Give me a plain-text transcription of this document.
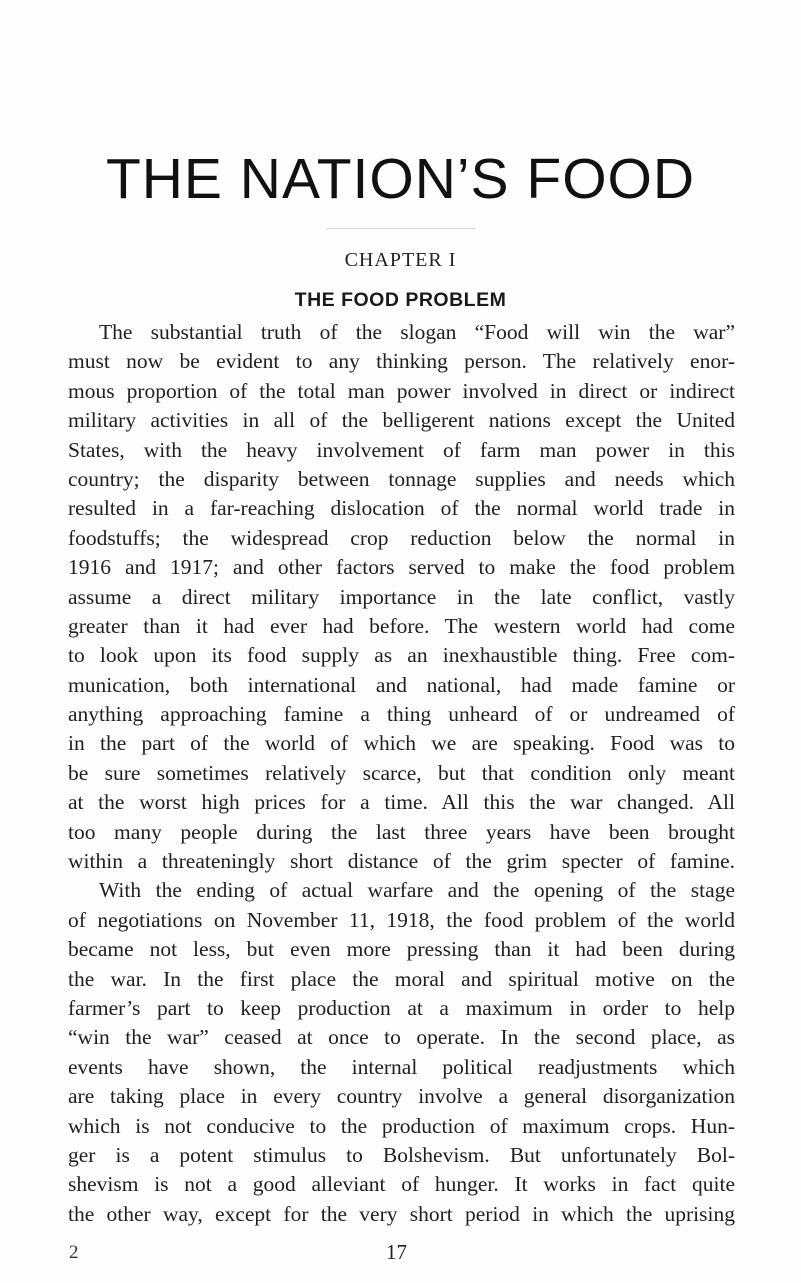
THE NATION’S FOOD
CHAPTER I
THE FOOD PROBLEM
The substantial truth of the slogan “Food will win the war”
must now be evident to any thinking person. The relatively enor-
mous proportion of the total man power involved in direct or indirect
military activities in all of the belligerent nations except the United
States, with the heavy involvement of farm man power in this
country; the disparity between tonnage supplies and needs which
resulted in a far-reaching dislocation of the normal world trade in
foodstuffs; the widespread crop reduction below the normal in
1916 and 1917; and other factors served to make the food problem
assume a direct military importance in the late conflict, vastly
greater than it had ever had before. The western world had come
to look upon its food supply as an inexhaustible thing. Free com-
munication, both international and national, had made famine or
anything approaching famine a thing unheard of or undreamed of
in the part of the world of which we are speaking. Food was to
be sure sometimes relatively scarce, but that condition only meant
at the worst high prices for a time. All this the war changed. All
too many people during the last three years have been brought
within a threateningly short distance of the grim specter of famine.
With the ending of actual warfare and the opening of the stage
of negotiations on November 11, 1918, the food problem of the world
became not less, but even more pressing than it had been during
the war. In the first place the moral and spiritual motive on the
farmer’s part to keep production at a maximum in order to help
“win the war” ceased at once to operate. In the second place, as
events have shown, the internal political readjustments which
are taking place in every country involve a general disorganization
which is not conducive to the production of maximum crops. Hun-
ger is a potent stimulus to Bolshevism. But unfortunately Bol-
shevism is not a good alleviant of hunger. It works in fact quite
the other way, except for the very short period in which the uprising
2	17
